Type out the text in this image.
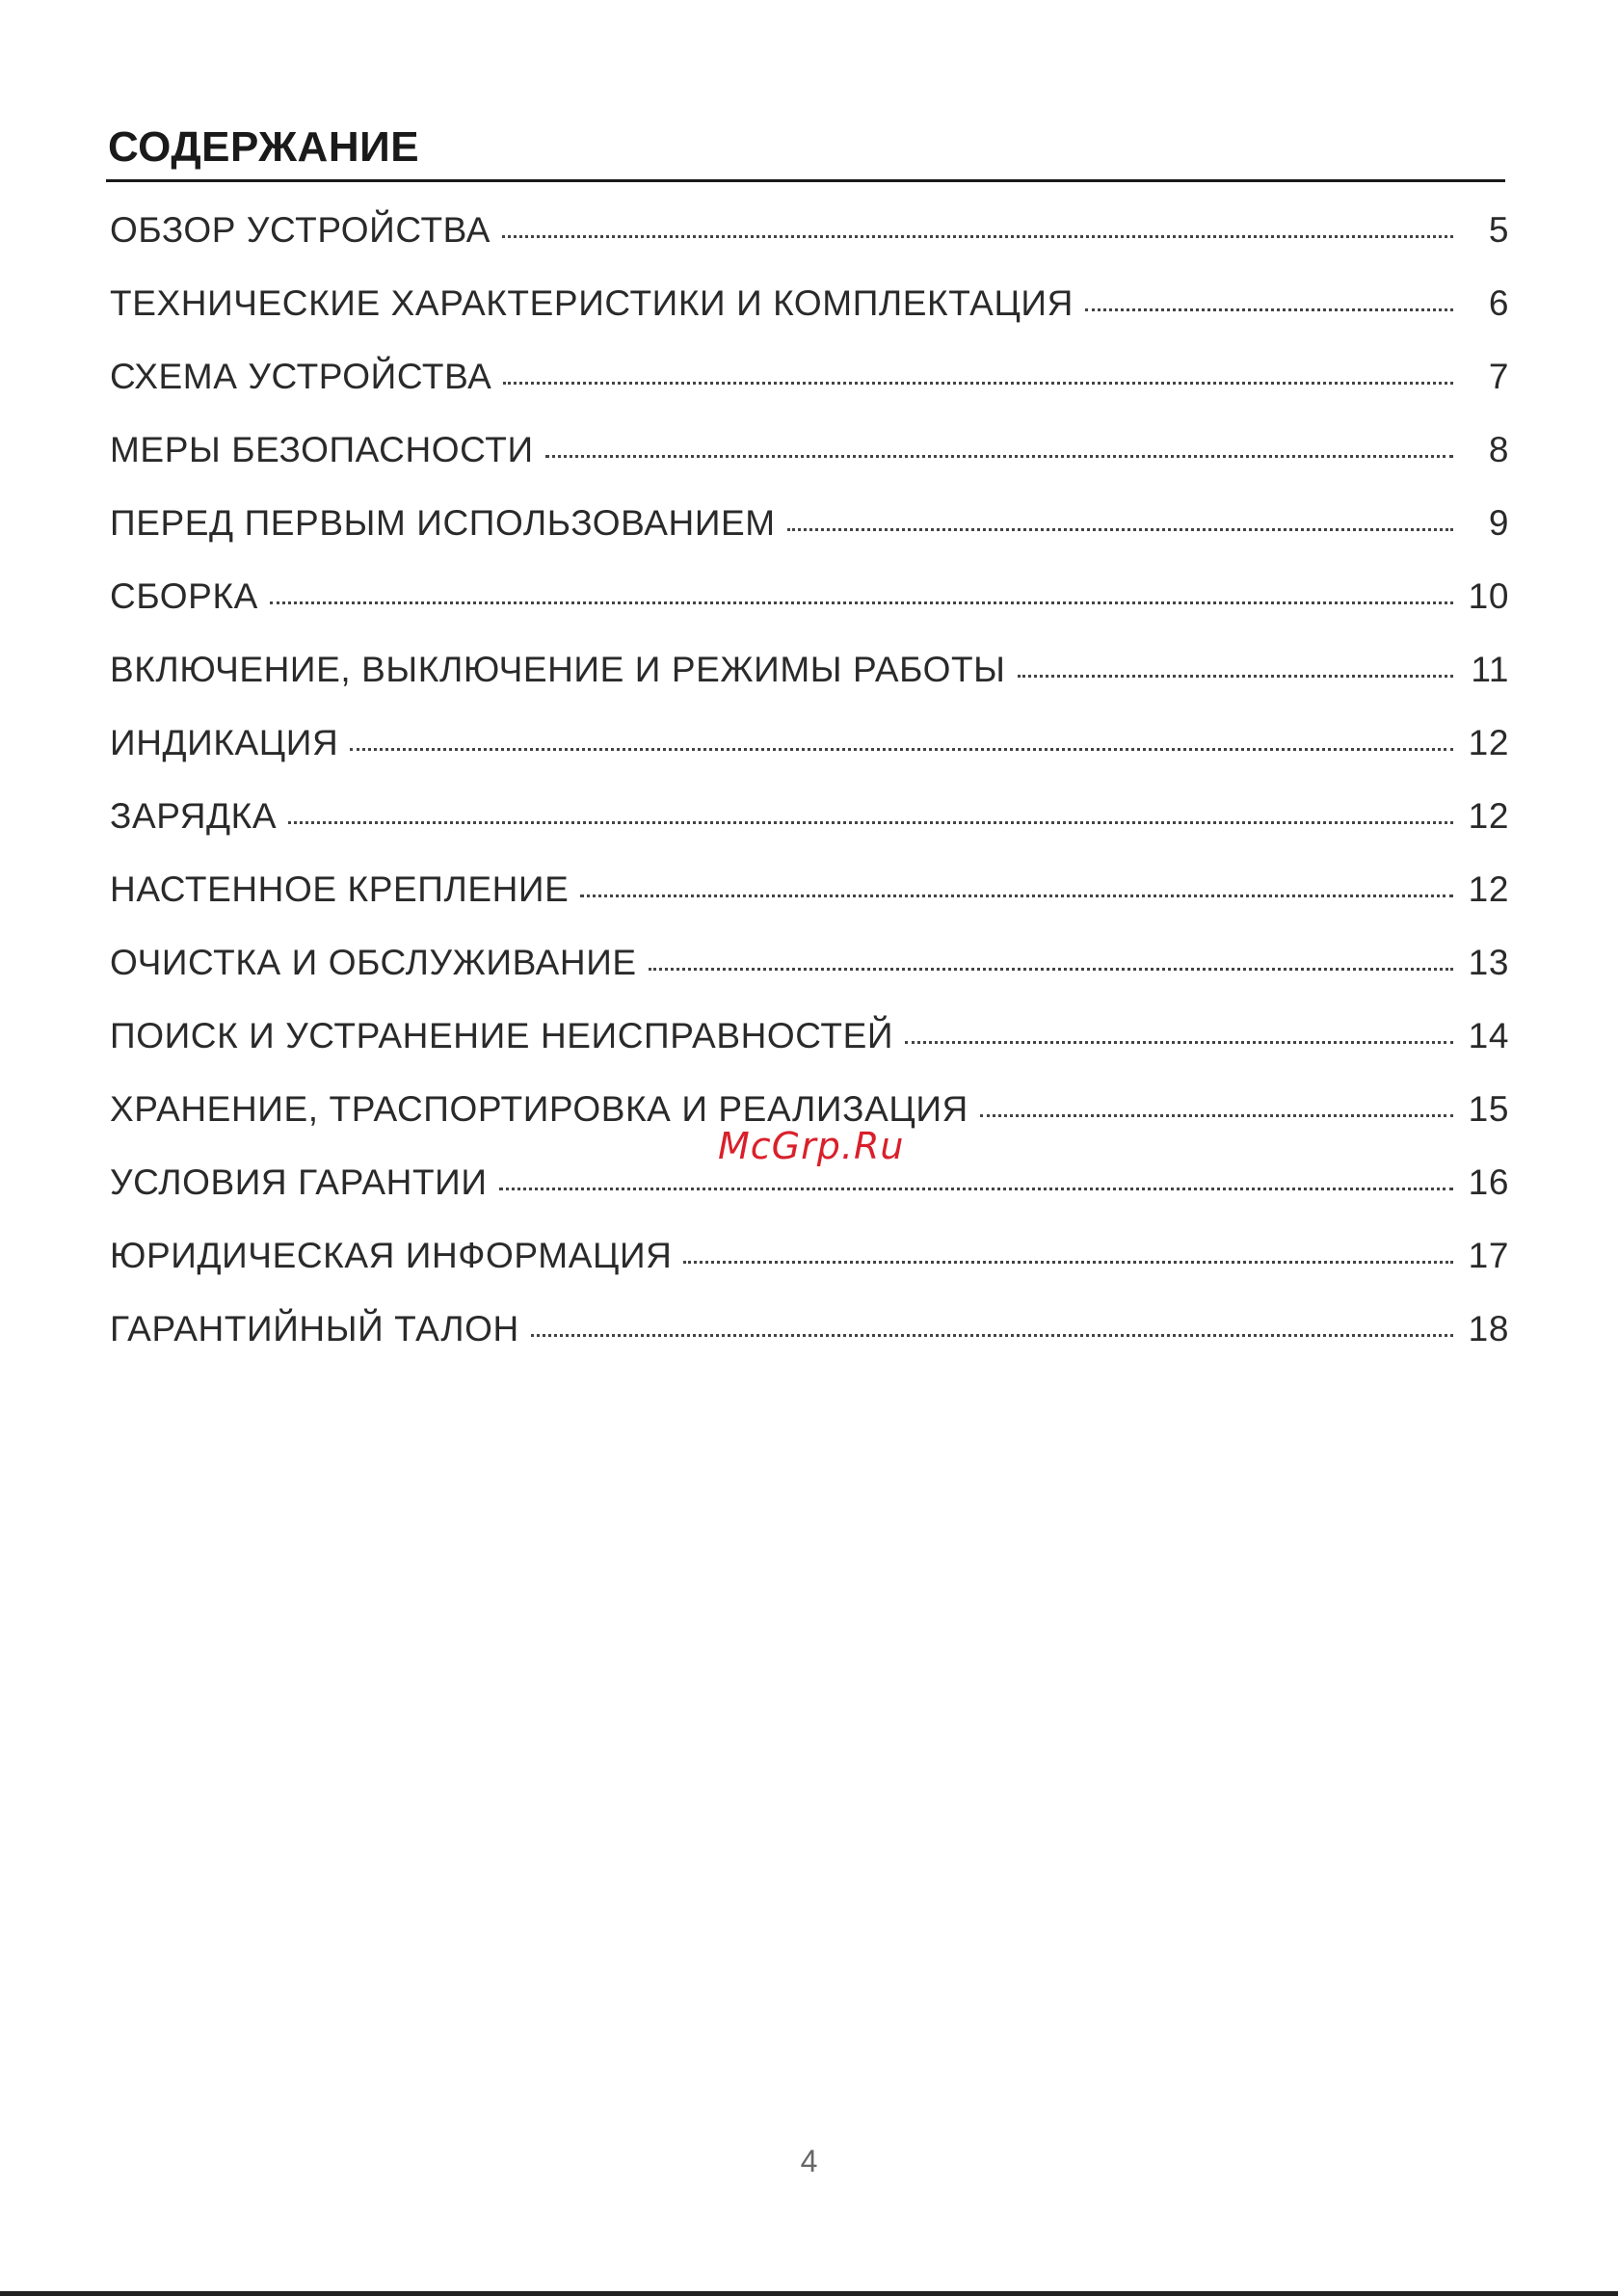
СОДЕРЖАНИЕ
ОБЗОР УСТРОЙСТВА	5
ТЕХНИЧЕСКИЕ ХАРАКТЕРИСТИКИ И КОМПЛЕКТАЦИЯ	6
СХЕМА УСТРОЙСТВА	7
МЕРЫ БЕЗОПАСНОСТИ	8
ПЕРЕД ПЕРВЫМ ИСПОЛЬЗОВАНИЕМ	9
СБОРКА	10
ВКЛЮЧЕНИЕ, ВЫКЛЮЧЕНИЕ И РЕЖИМЫ РАБОТЫ	11
ИНДИКАЦИЯ	12
ЗАРЯДКА	12
НАСТЕННОЕ КРЕПЛЕНИЕ	12
ОЧИСТКА И ОБСЛУЖИВАНИЕ	13
ПОИСК И УСТРАНЕНИЕ НЕИСПРАВНОСТЕЙ	14
ХРАНЕНИЕ, ТРАСПОРТИРОВКА И РЕАЛИЗАЦИЯ	15
УСЛОВИЯ ГАРАНТИИ	16
ЮРИДИЧЕСКАЯ ИНФОРМАЦИЯ	17
ГАРАНТИЙНЫЙ ТАЛОН	18
McGrp.Ru
4
